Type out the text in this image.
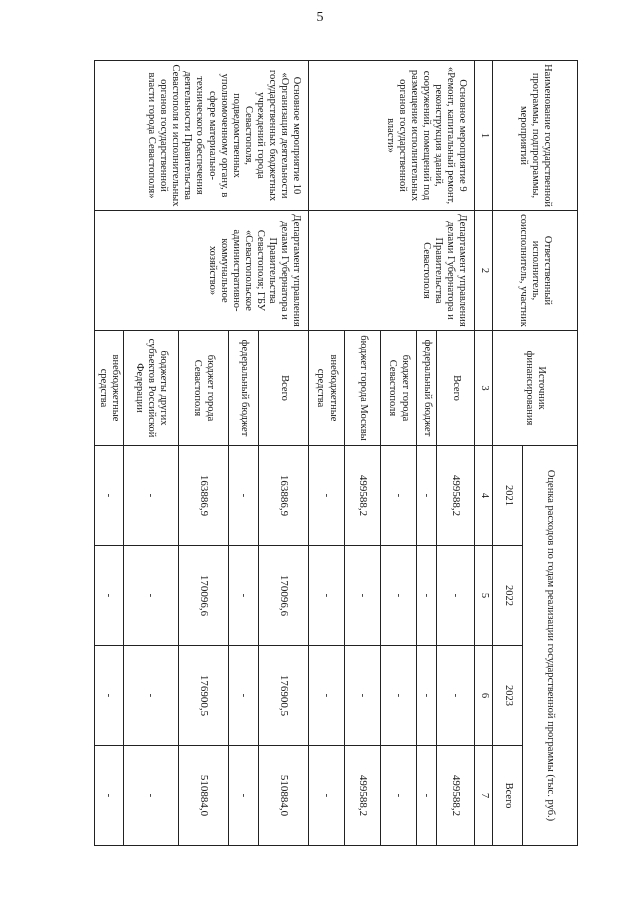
5
Наименование государственной программы, подпрограммы, мероприятий	Ответственный исполнитель, соисполнитель, участник	Источник финансирования	Оценка расходов по годам реализации государственной программы (тыс. руб.)			
			2021	2022	2023	Всего
1	2	3	4	5	6	7
Основное мероприятие 9 «Ремонт, капитальный ремонт, реконструкция зданий, сооружений, помещений под размещение исполнительных органов государственной власти»	Департамент управления делами Губернатора и Правительства Севастополя	Всего	499588,2	-	-	499588,2
		федеральный бюджет	-	-	-	-
		бюджет города Севастополя	-	-	-	-
		бюджет города Москвы	499588,2	-	-	499588,2
		внебюджетные средства	-	-	-	-
Основное мероприятие 10 «Организация деятельности государственных бюджетных учреждений города Севастополя, подведомственных уполномоченному органу, в сфере материально-технического обеспечения деятельности Правительства Севастополя и исполнительных органов государственной власти города Севастополя»	Департамент управления делами Губернатора и Правительства Севастополя; ГБУ «Севастопольское административно-коммунальное хозяйство»	Всего	163886,9	170096,6	176900,5	510884,0
		федеральный бюджет	-	-	-	-
		бюджет города Севастополя	163886,9	170096,6	176900,5	510884,0
		бюджеты других субъектов Российской Федерации	-	-	-	-
		внебюджетные средства	-	-	-	-
